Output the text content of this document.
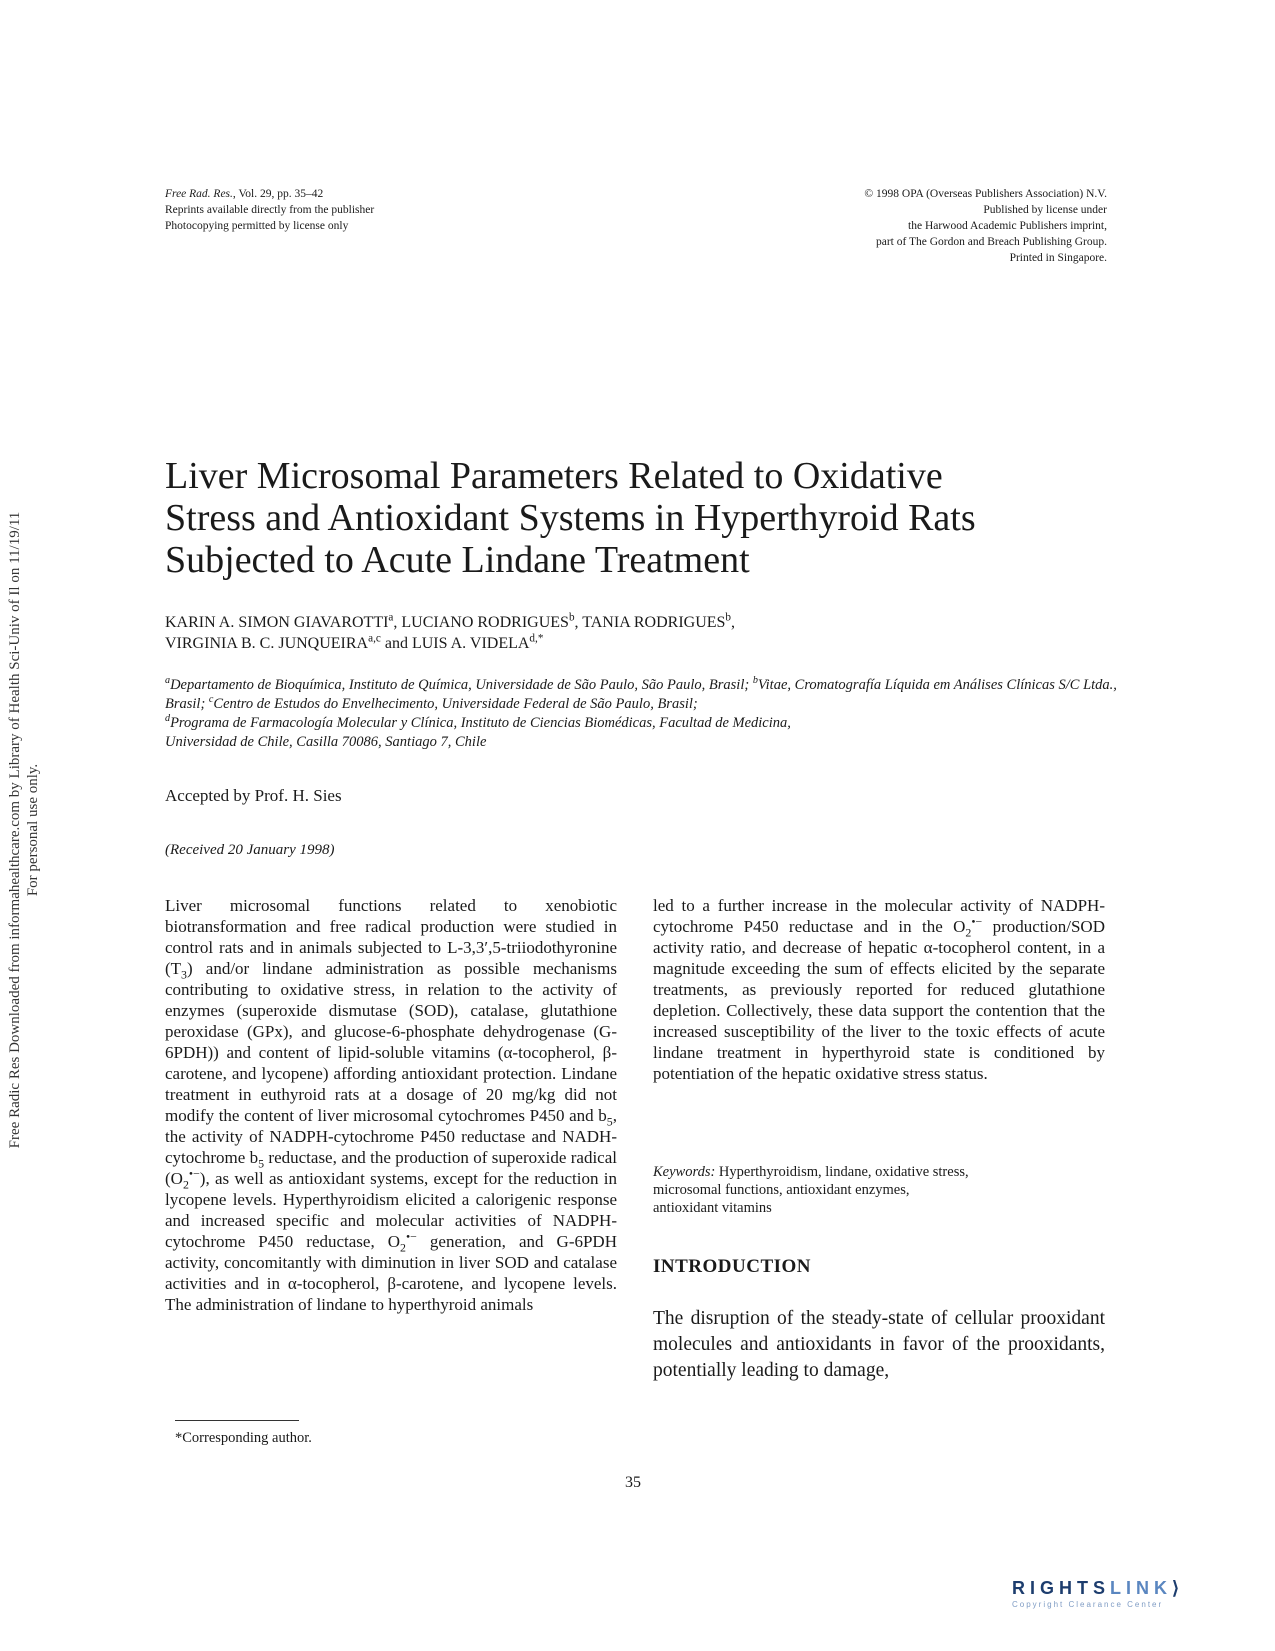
Free Rad. Res., Vol. 29, pp. 35–42
Reprints available directly from the publisher
Photocopying permitted by license only
© 1998 OPA (Overseas Publishers Association) N.V.
Published by license under
the Harwood Academic Publishers imprint,
part of The Gordon and Breach Publishing Group.
Printed in Singapore.
Free Radic Res Downloaded from informahealthcare.com by Library of Health Sci-Univ of Il on 11/19/11 For personal use only.
Liver Microsomal Parameters Related to Oxidative
Stress and Antioxidant Systems in Hyperthyroid Rats
Subjected to Acute Lindane Treatment
KARIN A. SIMON GIAVAROTTI$^a$, LUCIANO RODRIGUES$^b$, TANIA RODRIGUES$^b$,
VIRGINIA B. C. JUNQUEIRA$^{a,c}$ and LUIS A. $VIDELA^{d,*}$
$^a$Departamento de Bioquímica, Instituto de Química, Universidade de São Paulo, São Paulo, Brasil; $^b$Vitae, Cromatografía Líquida em Análises Clínicas S/C Ltda., Brasil; $^c$Centro de Estudos do Envelhecimento, Universidade Federal de São Paulo, Brasil;
$^d$Programa de Farmacología Molecular y Clínica, Instituto de Ciencias Biomédicas, Facultad de Medicina,
Universidad de Chile, Casilla 70086, Santiago 7, Chile
Accepted by Prof. H. Sies
(Received 20 January 1998)
Liver microsomal functions related to xenobiotic biotransformation and free radical production were studied in control rats and in animals subjected to L-3,3′,5-triiodothyronine $(T_3)$ and/or lindane administration as possible mechanisms contributing to oxidative stress, in relation to the activity of enzymes (superoxide dismutase (SOD), catalase, glutathione peroxidase (GPx), and glucose-6-phosphate dehydrogenase (G-6PDH)) and content of lipid-soluble vitamins (α-tocopherol, β-carotene, and lycopene) affording antioxidant protection. Lindane treatment in euthyroid rats at a dosage of 20 mg/kg did not modify the content of liver microsomal cytochromes P450 and $b_5$, the activity of NADPH-cytochrome P450 reductase and NADH-cytochrome $b_5$ reductase, and the production of superoxide radical $(O_2^{•-})$, as well as antioxidant systems, except for the reduction in lycopene levels. Hyperthyroidism elicited a calorigenic response and increased specific and molecular activities of NADPH-cytochrome P450 reductase, $O_2^{•-}$ generation, and G-6PDH activity, concomitantly with diminution in liver SOD and catalase activities and in α-tocopherol, β-carotene, and lycopene levels. The administration of lindane to hyperthyroid animals
led to a further increase in the molecular activity of NADPH-cytochrome P450 reductase and in the $O_2^{•-}$ production/SOD activity ratio, and decrease of hepatic α-tocopherol content, in a magnitude exceeding the sum of effects elicited by the separate treatments, as previously reported for reduced glutathione depletion. Collectively, these data support the contention that the increased susceptibility of the liver to the toxic effects of acute lindane treatment in hyperthyroid state is conditioned by potentiation of the hepatic oxidative stress status.
Keywords: Hyperthyroidism, lindane, oxidative stress,
microsomal functions, antioxidant enzymes,
antioxidant vitamins
INTRODUCTION
The disruption of the steady-state of cellular prooxidant molecules and antioxidants in favor of the prooxidants, potentially leading to damage,
*Corresponding author.
35
RIGHTSLINK⟩
Copyright Clearance Center
